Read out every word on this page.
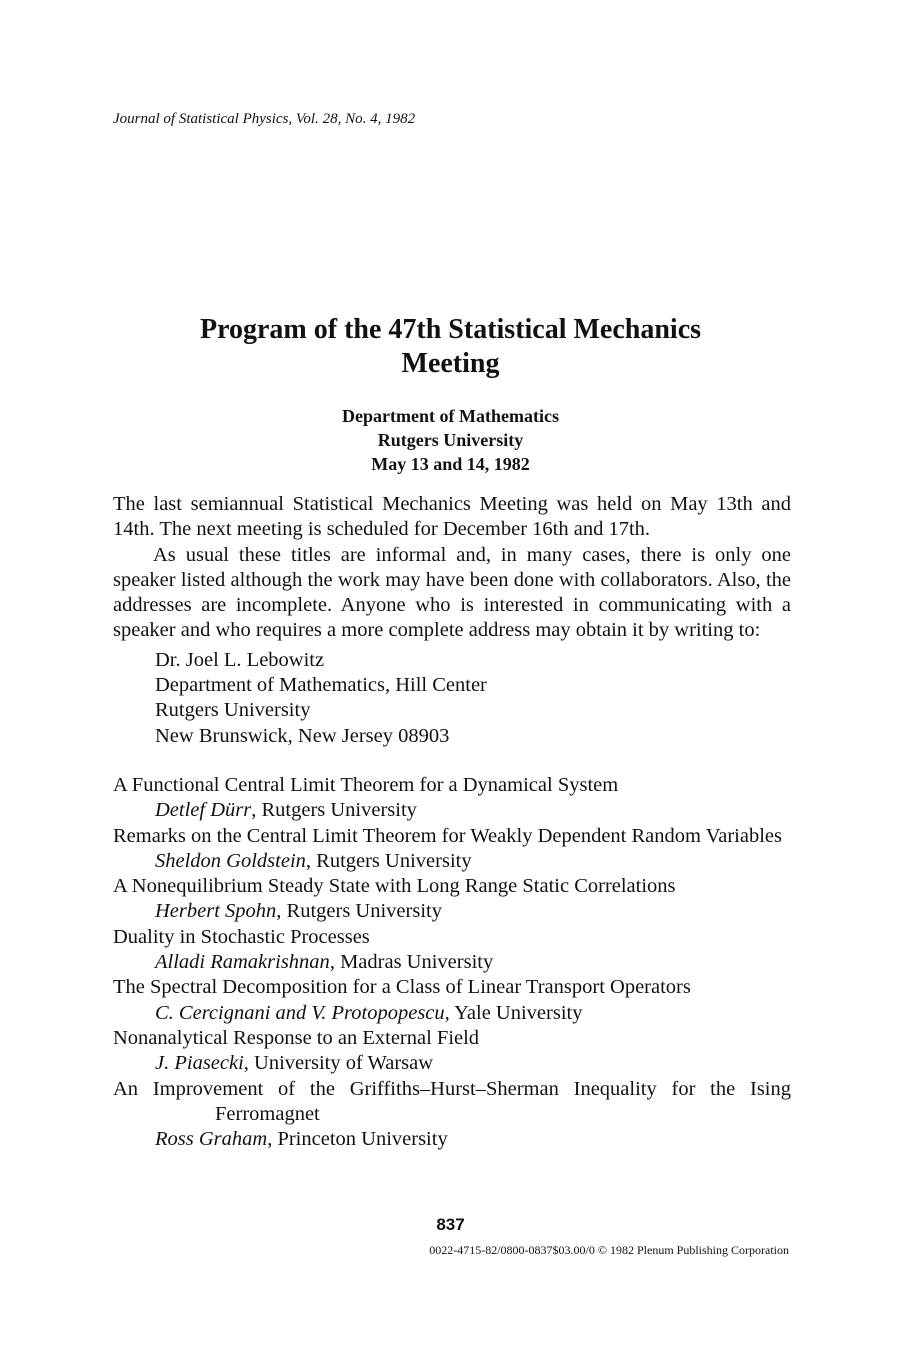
Journal of Statistical Physics, Vol. 28, No. 4, 1982
Program of the 47th Statistical Mechanics
Meeting
Department of Mathematics
Rutgers University
May 13 and 14, 1982

The last semiannual Statistical Mechanics Meeting was held on May 13th and 14th. The next meeting is scheduled for December 16th and 17th.

As usual these titles are informal and, in many cases, there is only one speaker listed although the work may have been done with collaborators. Also, the addresses are incomplete. Anyone who is interested in communicating with a speaker and who requires a more complete address may obtain it by writing to:

Dr. Joel L. Lebowitz
Department of Mathematics, Hill Center
Rutgers University
New Brunswick, New Jersey 08903
A Functional Central Limit Theorem for a Dynamical System
Detlef Dürr, Rutgers University
Remarks on the Central Limit Theorem for Weakly Dependent Random Variables
Sheldon Goldstein, Rutgers University
A Nonequilibrium Steady State with Long Range Static Correlations
Herbert Spohn, Rutgers University
Duality in Stochastic Processes
Alladi Ramakrishnan, Madras University
The Spectral Decomposition for a Class of Linear Transport Operators
C. Cercignani and V. Protopopescu, Yale University
Nonanalytical Response to an External Field
J. Piasecki, University of Warsaw
An Improvement of the Griffiths–Hurst–Sherman Inequality for the Ising Ferromagnet
Ross Graham, Princeton University
837
0022-4715-82/0800-0837$03.00/0 © 1982 Plenum Publishing Corporation
